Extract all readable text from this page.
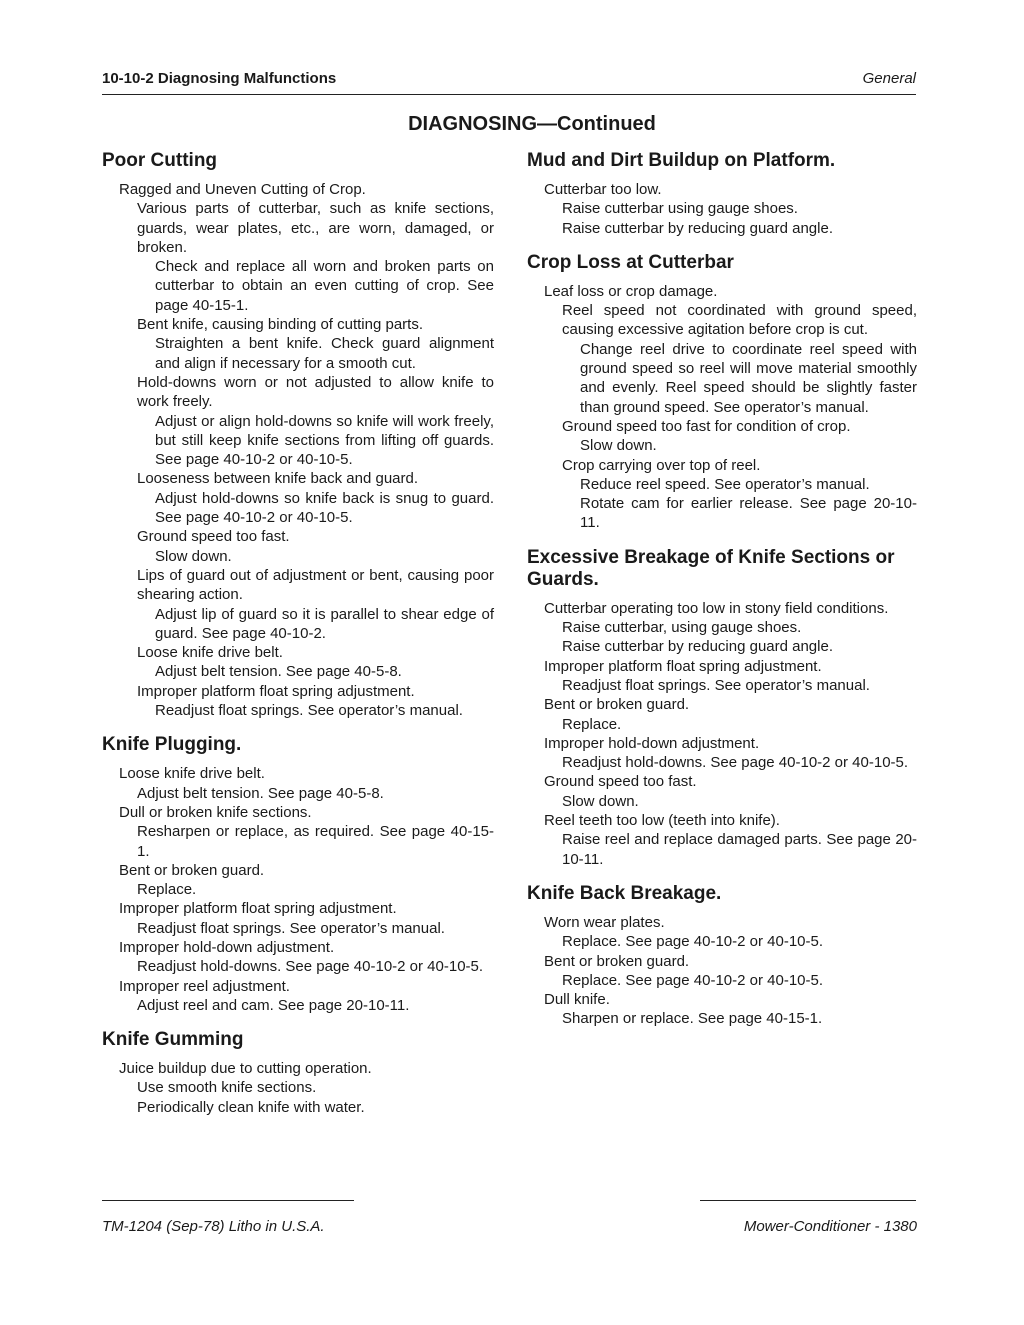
10-10-2 Diagnosing Malfunctions	General
DIAGNOSING—Continued
Poor Cutting

Ragged and Uneven Cutting of Crop.

Various parts of cutterbar, such as knife sections, guards, wear plates, etc., are worn, damaged, or broken.

Check and replace all worn and broken parts on cutterbar to obtain an even cutting of crop. See page 40-15-1.

Bent knife, causing binding of cutting parts.

Straighten a bent knife. Check guard alignment and align if necessary for a smooth cut.

Hold-downs worn or not adjusted to allow knife to work freely.

Adjust or align hold-downs so knife will work freely, but still keep knife sections from lifting off guards. See page 40-10-2 or 40-10-5.

Looseness between knife back and guard.

Adjust hold-downs so knife back is snug to guard. See page 40-10-2 or 40-10-5.

Ground speed too fast.

Slow down.

Lips of guard out of adjustment or bent, causing poor shearing action.

Adjust lip of guard so it is parallel to shear edge of guard. See page 40-10-2.

Loose knife drive belt.

Adjust belt tension. See page 40-5-8.

Improper platform float spring adjustment.

Readjust float springs. See operator’s manual.

Knife Plugging.

Loose knife drive belt.

Adjust belt tension. See page 40-5-8.

Dull or broken knife sections.

Resharpen or replace, as required. See page 40-15-1.

Bent or broken guard.

Replace.

Improper platform float spring adjustment.

Readjust float springs. See operator’s manual.

Improper hold-down adjustment.

Readjust hold-downs. See page 40-10-2 or 40-10-5.

Improper reel adjustment.

Adjust reel and cam. See page 20-10-11.

Knife Gumming

Juice buildup due to cutting operation.

Use smooth knife sections.

Periodically clean knife with water.

Mud and Dirt Buildup on Platform.

Cutterbar too low.

Raise cutterbar using gauge shoes.

Raise cutterbar by reducing guard angle.

Crop Loss at Cutterbar

Leaf loss or crop damage.

Reel speed not coordinated with ground speed, causing excessive agitation before crop is cut.

Change reel drive to coordinate reel speed with ground speed so reel will move material smoothly and evenly. Reel speed should be slightly faster than ground speed. See operator’s manual.

Ground speed too fast for condition of crop.

Slow down.

Crop carrying over top of reel.

Reduce reel speed. See operator’s manual.

Rotate cam for earlier release. See page 20-10-11.

Excessive Breakage of Knife Sections or Guards.

Cutterbar operating too low in stony field conditions.

Raise cutterbar, using gauge shoes.

Raise cutterbar by reducing guard angle.

Improper platform float spring adjustment.

Readjust float springs. See operator’s manual.

Bent or broken guard.

Replace.

Improper hold-down adjustment.

Readjust hold-downs. See page 40-10-2 or 40-10-5.

Ground speed too fast.

Slow down.

Reel teeth too low (teeth into knife).

Raise reel and replace damaged parts. See page 20-10-11.

Knife Back Breakage.

Worn wear plates.

Replace. See page 40-10-2 or 40-10-5.

Bent or broken guard.

Replace. See page 40-10-2 or 40-10-5.

Dull knife.

Sharpen or replace. See page 40-15-1.

TM-1204 (Sep-78) Litho in U.S.A.	Mower-Conditioner - 1380
